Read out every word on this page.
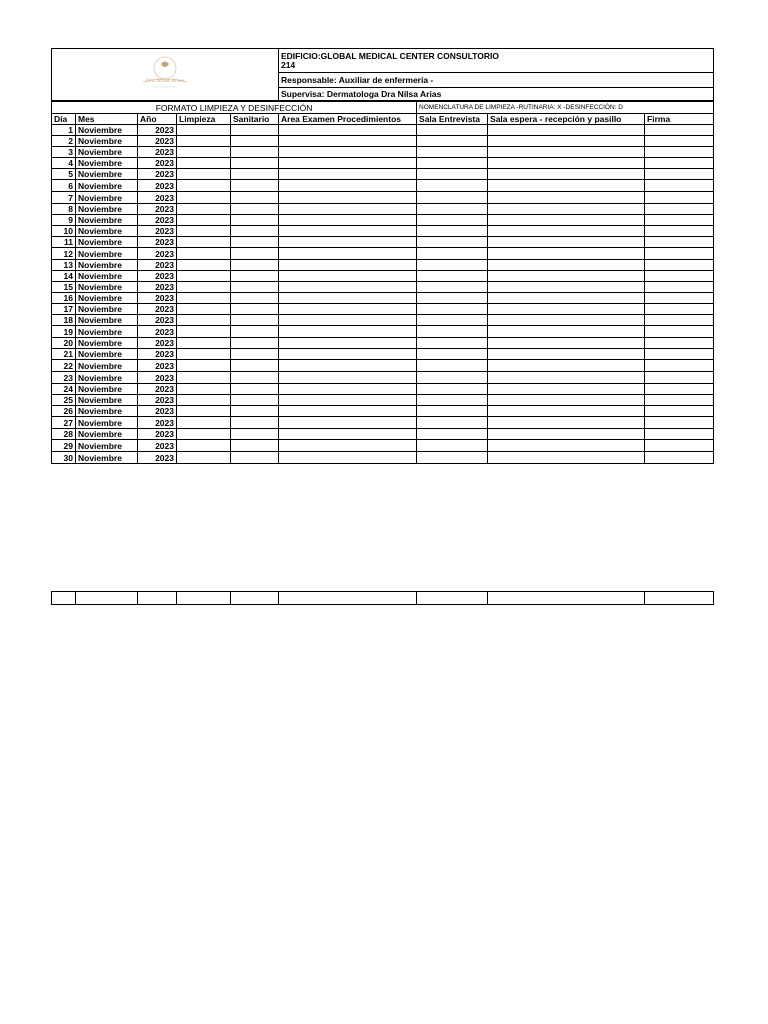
Dra Nilsa Arias

EDIFICIO:GLOBAL MEDICAL CENTER CONSULTORIO
214

Responsable: Auxiliar de enfermería -
Supervisa: Dermatologa Dra Nilsa Arias
FORMATO LIMPIEZA Y DESINFECCIÓN						NOMENCLATURA DE LIMPIEZA -RUTINARIA: X -DESINFECCIÓN: D		
Día	Mes	Año	Limpieza	Sanitario	Area Examen Procedimientos	Sala Entrevista	Sala espera - recepción y pasillo	Firma
1	Noviembre	2023						
2	Noviembre	2023						
3	Noviembre	2023						
4	Noviembre	2023						
5	Noviembre	2023						
6	Noviembre	2023						
7	Noviembre	2023						
8	Noviembre	2023						
9	Noviembre	2023						
10	Noviembre	2023						
11	Noviembre	2023						
12	Noviembre	2023						
13	Noviembre	2023						
14	Noviembre	2023						
15	Noviembre	2023						
16	Noviembre	2023						
17	Noviembre	2023						
18	Noviembre	2023						
19	Noviembre	2023						
20	Noviembre	2023						
21	Noviembre	2023						
22	Noviembre	2023						
23	Noviembre	2023						
24	Noviembre	2023						
25	Noviembre	2023						
26	Noviembre	2023						
27	Noviembre	2023						
28	Noviembre	2023						
29	Noviembre	2023						
30	Noviembre	2023						
